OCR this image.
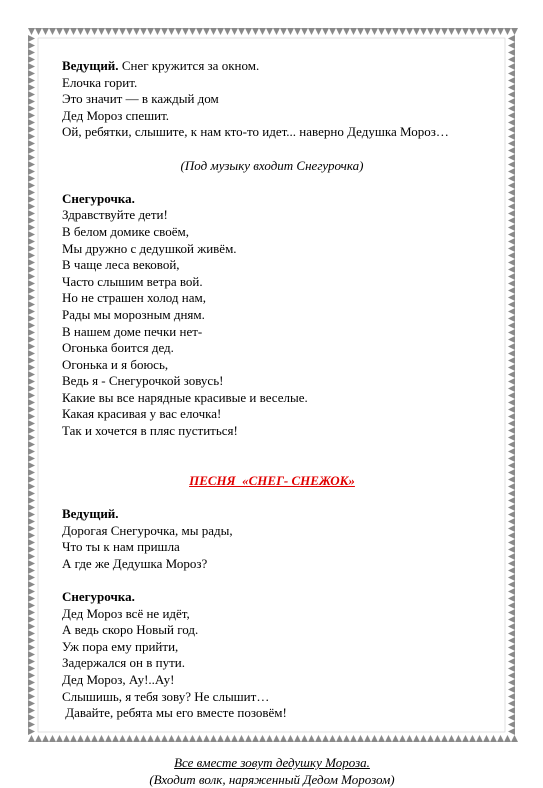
Ведущий. Снег кружится за окном.
Елочка горит.
Это значит — в каждый дом
Дед Мороз спешит.
Ой, ребятки, слышите, к нам кто-то идет... наверно Дедушка Мороз…
(Под музыку входит Снегурочка)
Снегурочка.
Здравствуйте дети!
В белом домике своём,
Мы дружно с дедушкой живём.
В чаще леса вековой,
Часто слышим ветра вой.
Но не страшен холод нам,
Рады мы морозным дням.
В нашем доме печки нет-
Огонька боится дед.
Огонька и я боюсь,
Ведь я - Снегурочкой зовусь!
Какие вы все нарядные красивые и веселые.
Какая красивая у вас елочка!
Так и хочется в пляс пуститься!
ПЕСНЯ  «СНЕГ- СНЕЖОК»
Ведущий.
Дорогая Снегурочка, мы рады,
Что ты к нам пришла
А где же Дедушка Мороз?
Снегурочка.
Дед Мороз всё не идёт,
А ведь скоро Новый год.
Уж пора ему прийти,
Задержался он в пути.
Дед Мороз, Ау!..Ау!
Слышишь, я тебя зову? Не слышит…
Давайте, ребята мы его вместе позовём!
Все вместе зовут дедушку Мороза.
(Входит волк, наряженный Дедом Морозом)
